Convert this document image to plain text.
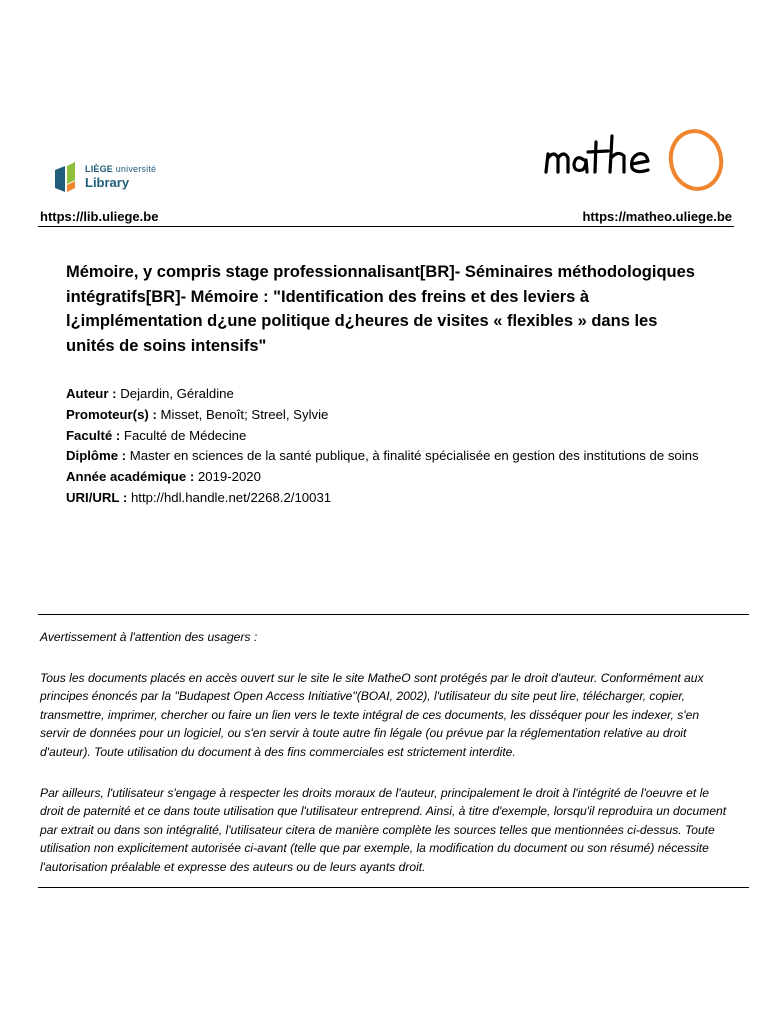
LIÈGE université
Library
https://lib.uliege.be	https://matheo.uliege.be
Mémoire, y compris stage professionnalisant[BR]- Séminaires méthodologiques intégratifs[BR]- Mémoire : "Identification des freins et des leviers à l¿implémentation d¿une politique d¿heures de visites « flexibles » dans les unités de soins intensifs"

Auteur : Dejardin, Géraldine

Promoteur(s) : Misset, Benoît; Streel, Sylvie

Faculté : Faculté de Médecine

Diplôme : Master en sciences de la santé publique, à finalité spécialisée en gestion des institutions de soins

Année académique : 2019-2020

URI/URL : http://hdl.handle.net/2268.2/10031

Avertissement à l'attention des usagers :

Tous les documents placés en accès ouvert sur le site le site MatheO sont protégés par le droit d'auteur. Conformément aux principes énoncés par la "Budapest Open Access Initiative"(BOAI, 2002), l'utilisateur du site peut lire, télécharger, copier, transmettre, imprimer, chercher ou faire un lien vers le texte intégral de ces documents, les disséquer pour les indexer, s'en servir de données pour un logiciel, ou s'en servir à toute autre fin légale (ou prévue par la réglementation relative au droit d'auteur). Toute utilisation du document à des fins commerciales est strictement interdite.

Par ailleurs, l'utilisateur s'engage à respecter les droits moraux de l'auteur, principalement le droit à l'intégrité de l'oeuvre et le droit de paternité et ce dans toute utilisation que l'utilisateur entreprend. Ainsi, à titre d'exemple, lorsqu'il reproduira un document par extrait ou dans son intégralité, l'utilisateur citera de manière complète les sources telles que mentionnées ci-dessus. Toute utilisation non explicitement autorisée ci-avant (telle que par exemple, la modification du document ou son résumé) nécessite l'autorisation préalable et expresse des auteurs ou de leurs ayants droit.
